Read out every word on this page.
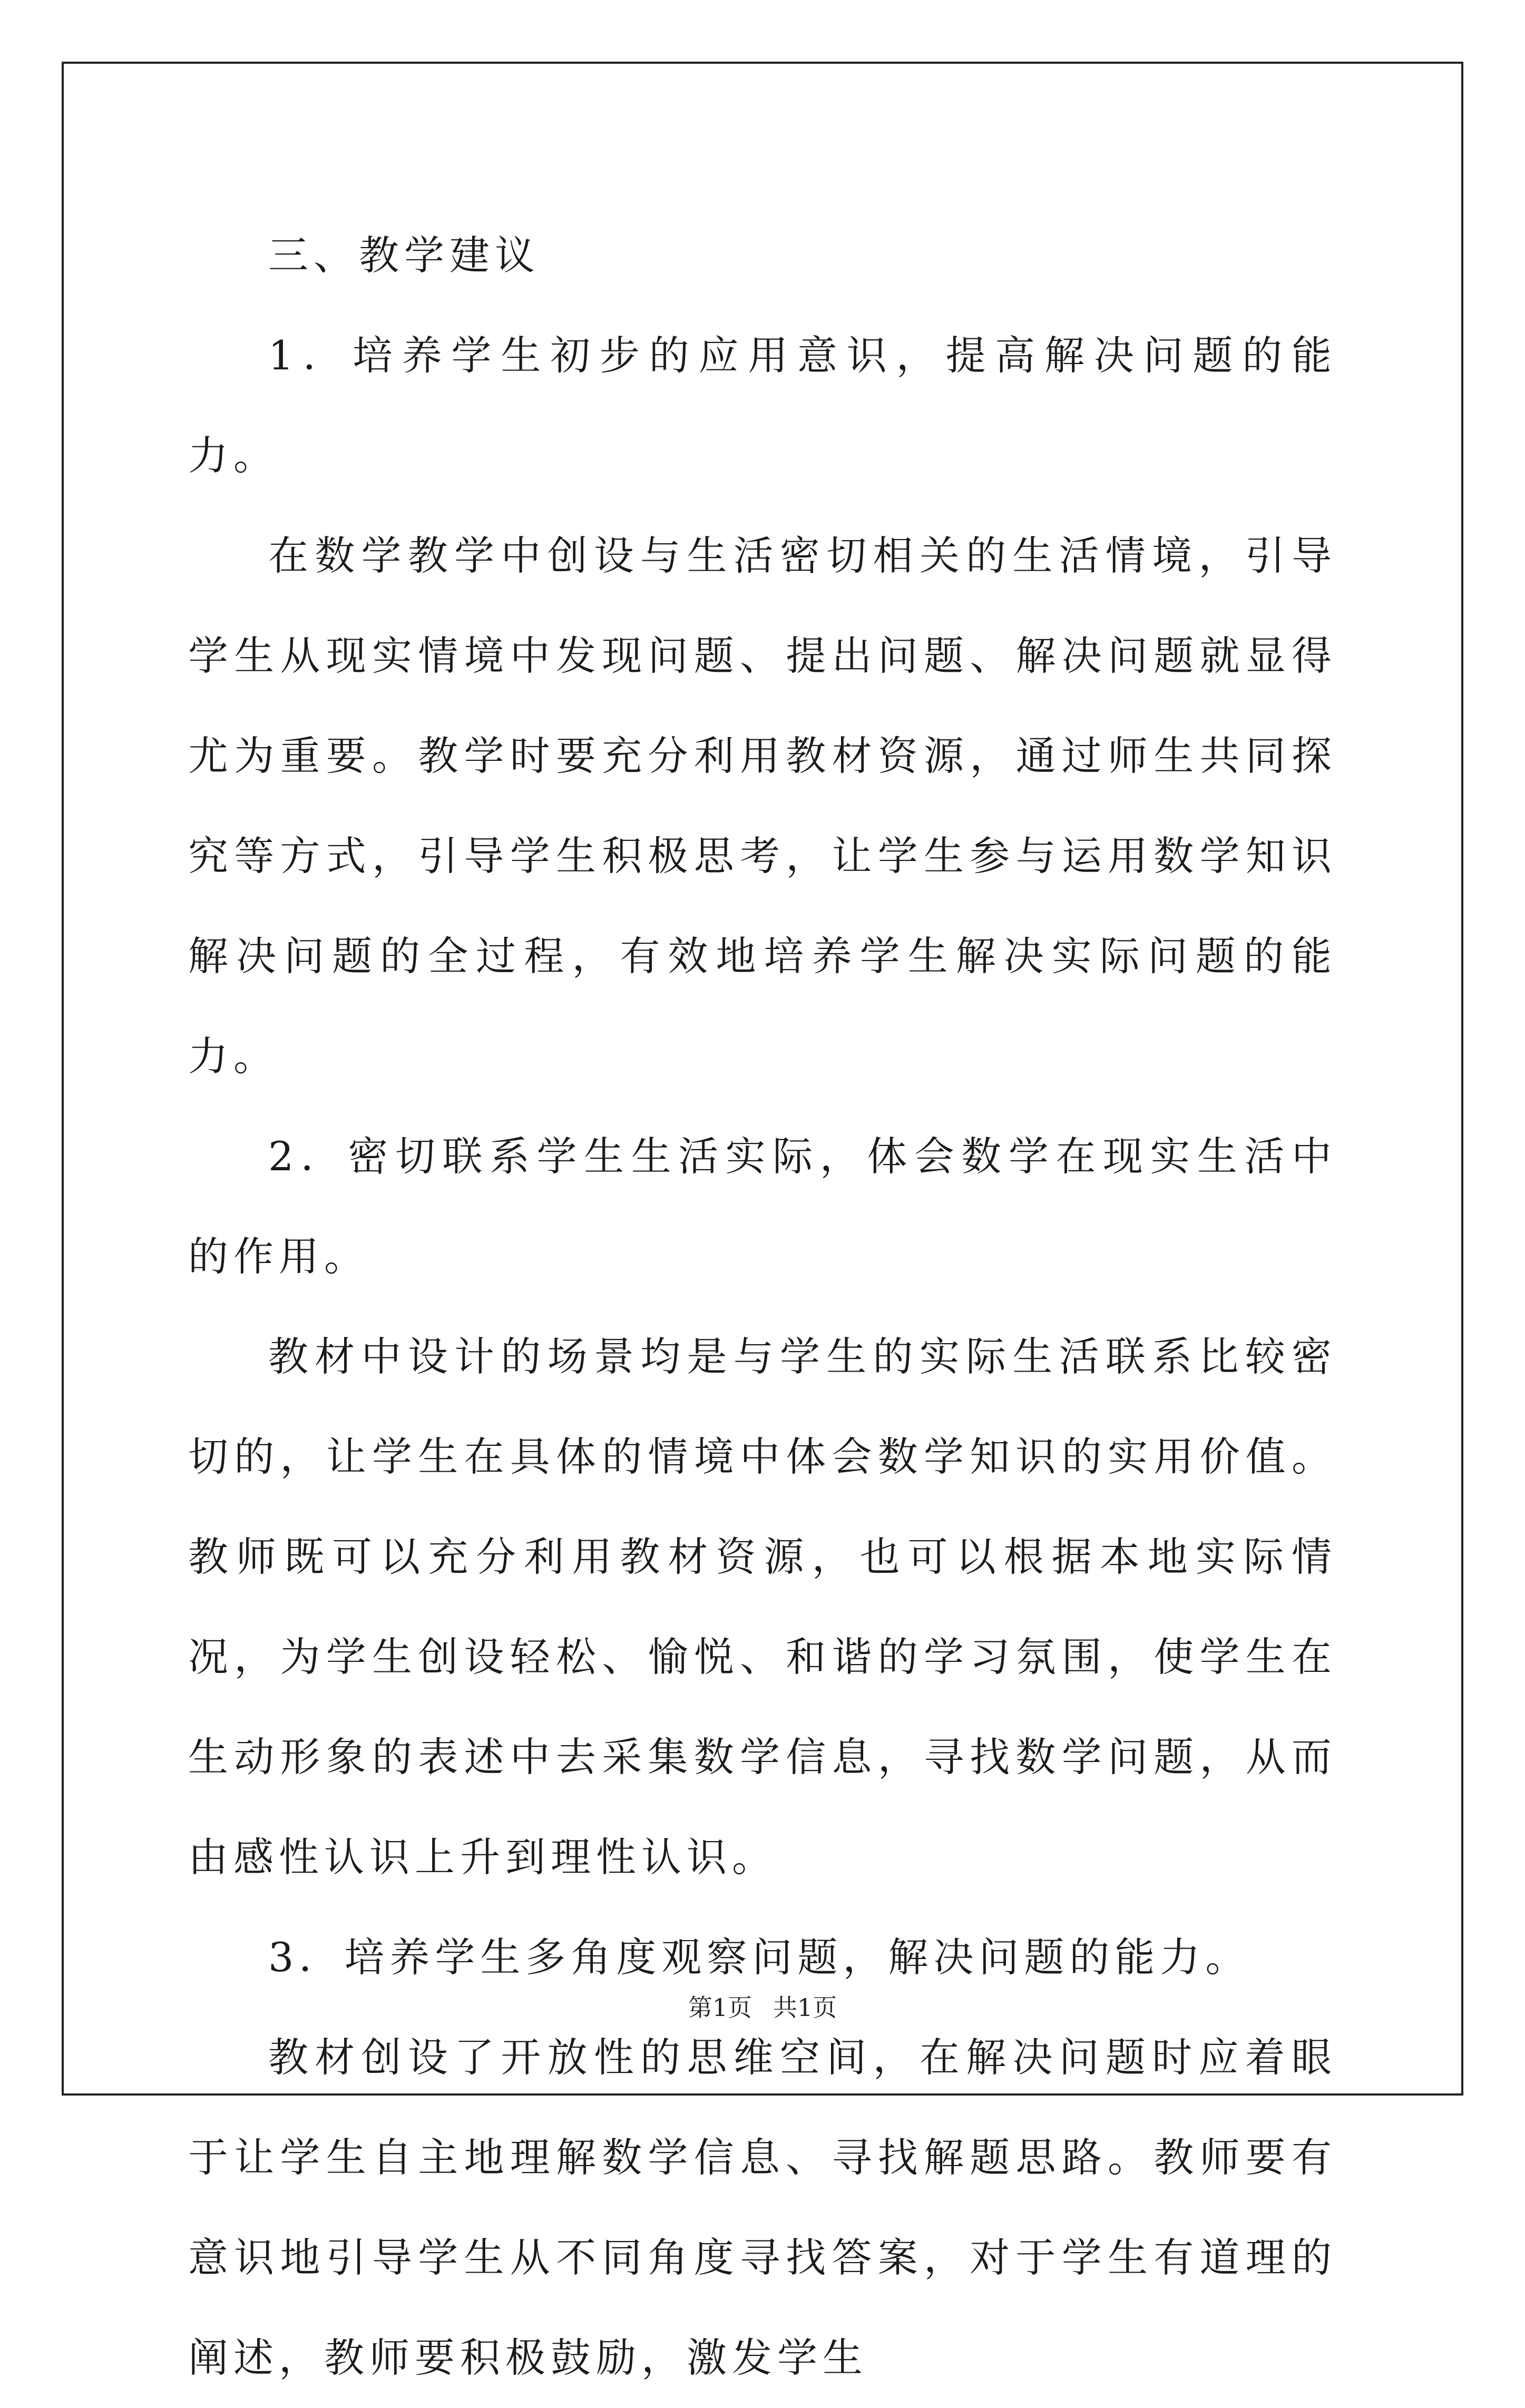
三、教学建议

1．培养学生初步的应用意识，提高解决问题的能力。

在数学教学中创设与生活密切相关的生活情境，引导学生从现实情境中发现问题、提出问题、解决问题就显得尤为重要。教学时要充分利用教材资源，通过师生共同探究等方式，引导学生积极思考，让学生参与运用数学知识解决问题的全过程，有效地培养学生解决实际问题的能力。

2．密切联系学生生活实际，体会数学在现实生活中的作用。

教材中设计的场景均是与学生的实际生活联系比较密切的，让学生在具体的情境中体会数学知识的实用价值。教师既可以充分利用教材资源，也可以根据本地实际情况，为学生创设轻松、愉悦、和谐的学习氛围，使学生在生动形象的表述中去采集数学信息，寻找数学问题，从而由感性认识上升到理性认识。

3．培养学生多角度观察问题，解决问题的能力。

教材创设了开放性的思维空间，在解决问题时应着眼于让学生自主地理解数学信息、寻找解题思路。教师要有意识地引导学生从不同角度寻找答案，对于学生有道理的阐述，教师要积极鼓励，激发学生

第1页 共1页
